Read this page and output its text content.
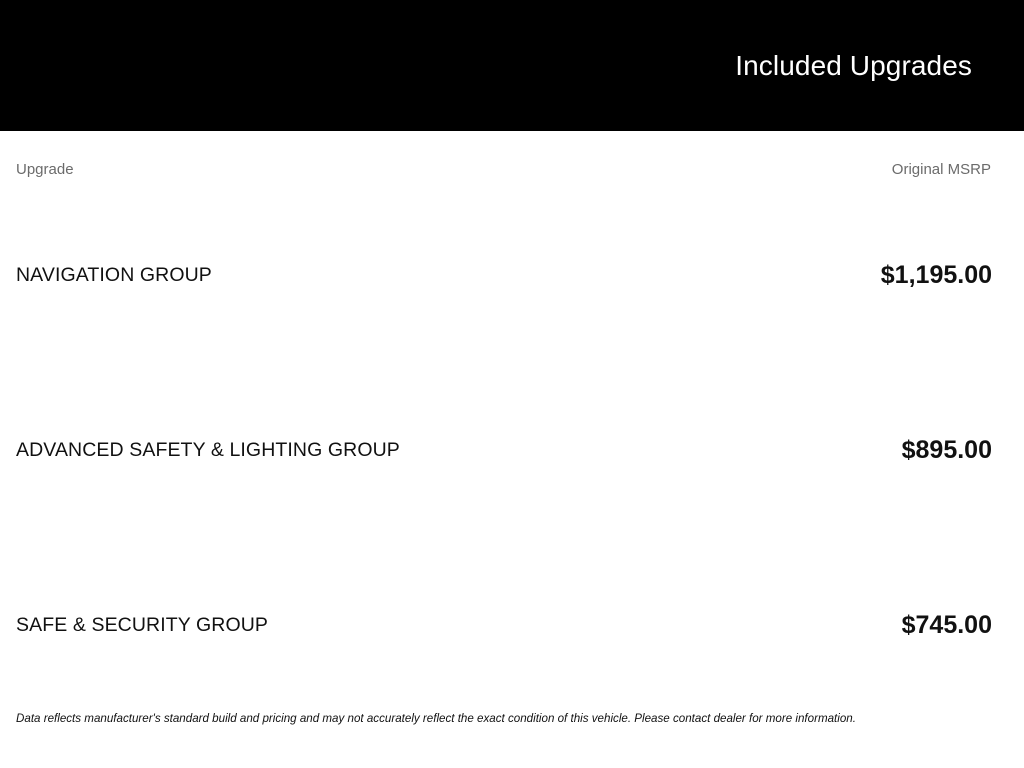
Included Upgrades
Upgrade	Original MSRP
NAVIGATION GROUP	$1,195.00
ADVANCED SAFETY & LIGHTING GROUP	$895.00
SAFE & SECURITY GROUP	$745.00
Data reflects manufacturer's standard build and pricing and may not accurately reflect the exact condition of this vehicle. Please contact dealer for more information.
